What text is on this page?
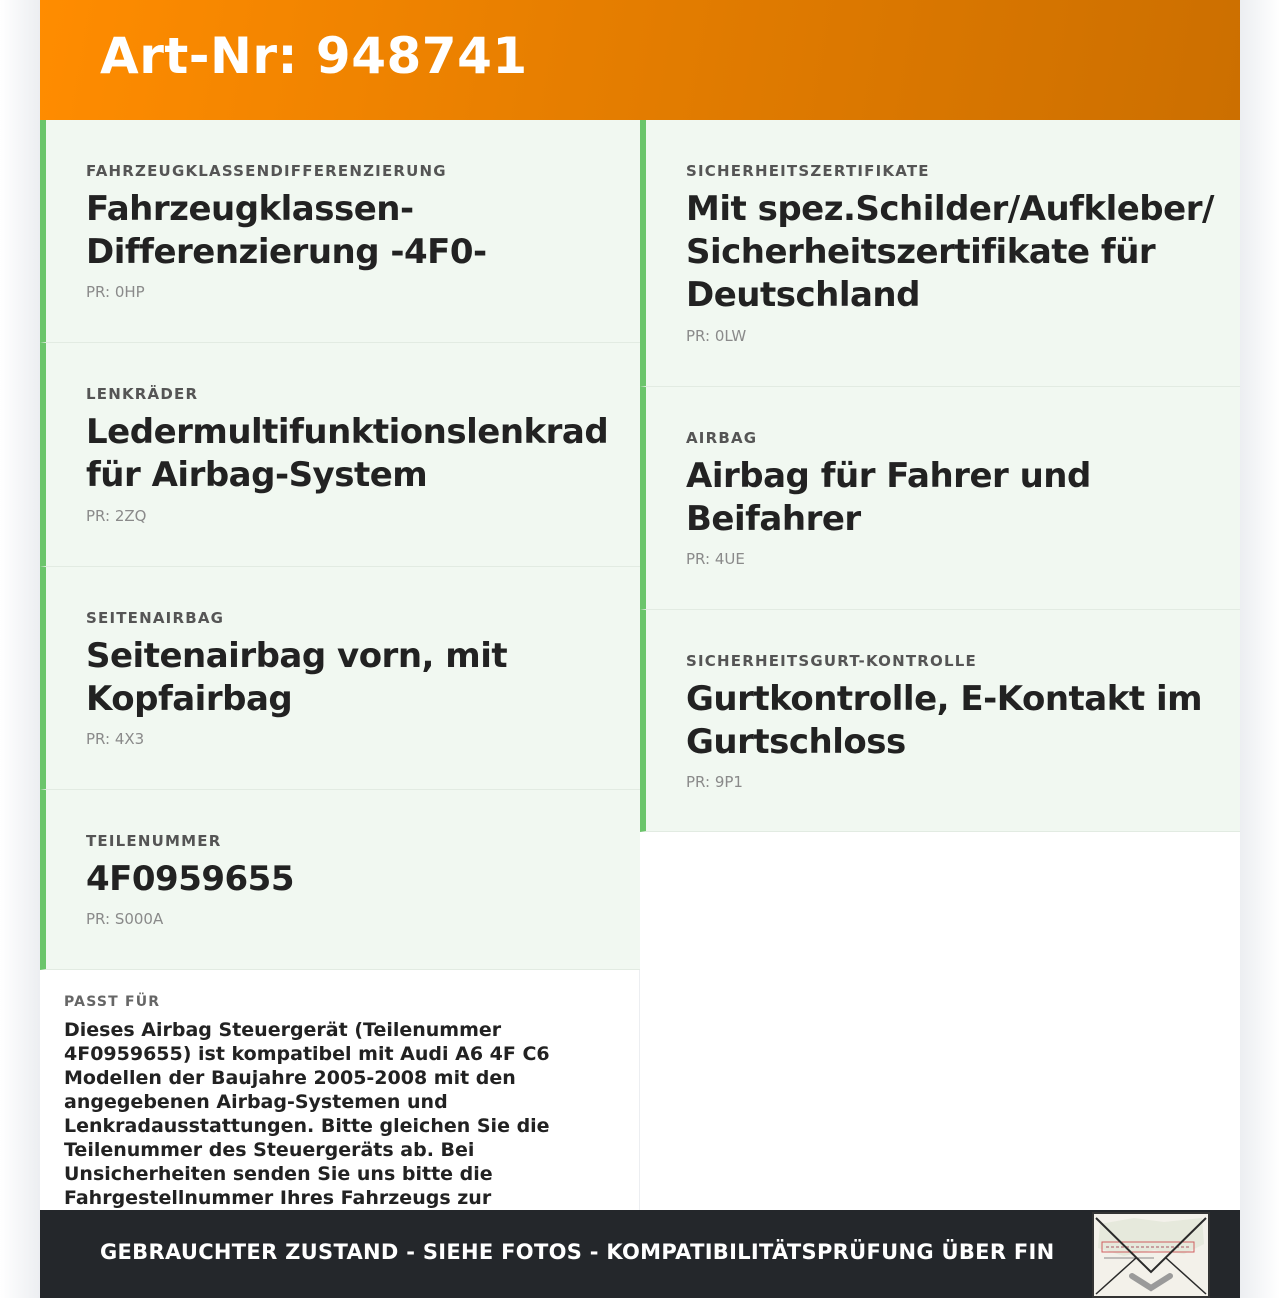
Art-Nr: 948741
FAHRZEUGKLASSENDIFFERENZIERUNG
Fahrzeugklassen-Differenzierung -4F0-
PR: 0HP
LENKRÄDER
Ledermultifunktionslenkrad für Airbag-System
PR: 2ZQ
SEITENAIRBAG
Seitenairbag vorn, mit Kopfairbag
PR: 4X3
TEILENUMMER
4F0959655
PR: S000A
SICHERHEITSZERTIFIKATE
Mit spez.Schilder/Aufkleber/ Sicherheitszertifikate für Deutschland
PR: 0LW
AIRBAG
Airbag für Fahrer und Beifahrer
PR: 4UE
SICHERHEITSGURT-KONTROLLE
Gurtkontrolle, E-Kontakt im Gurtschloss
PR: 9P1
PASST FÜR
Dieses Airbag Steuergerät (Teilenummer 4F0959655) ist kompatibel mit Audi A6 4F C6 Modellen der Baujahre 2005-2008 mit den angegebenen Airbag-Systemen und Lenkradausstattungen. Bitte gleichen Sie die Teilenummer des Steuergeräts ab. Bei Unsicherheiten senden Sie uns bitte die Fahrgestellnummer Ihres Fahrzeugs zur
GEBRAUCHTER ZUSTAND - SIEHE FOTOS - KOMPATIBILITÄTSPRÜFUNG ÜBER FIN
